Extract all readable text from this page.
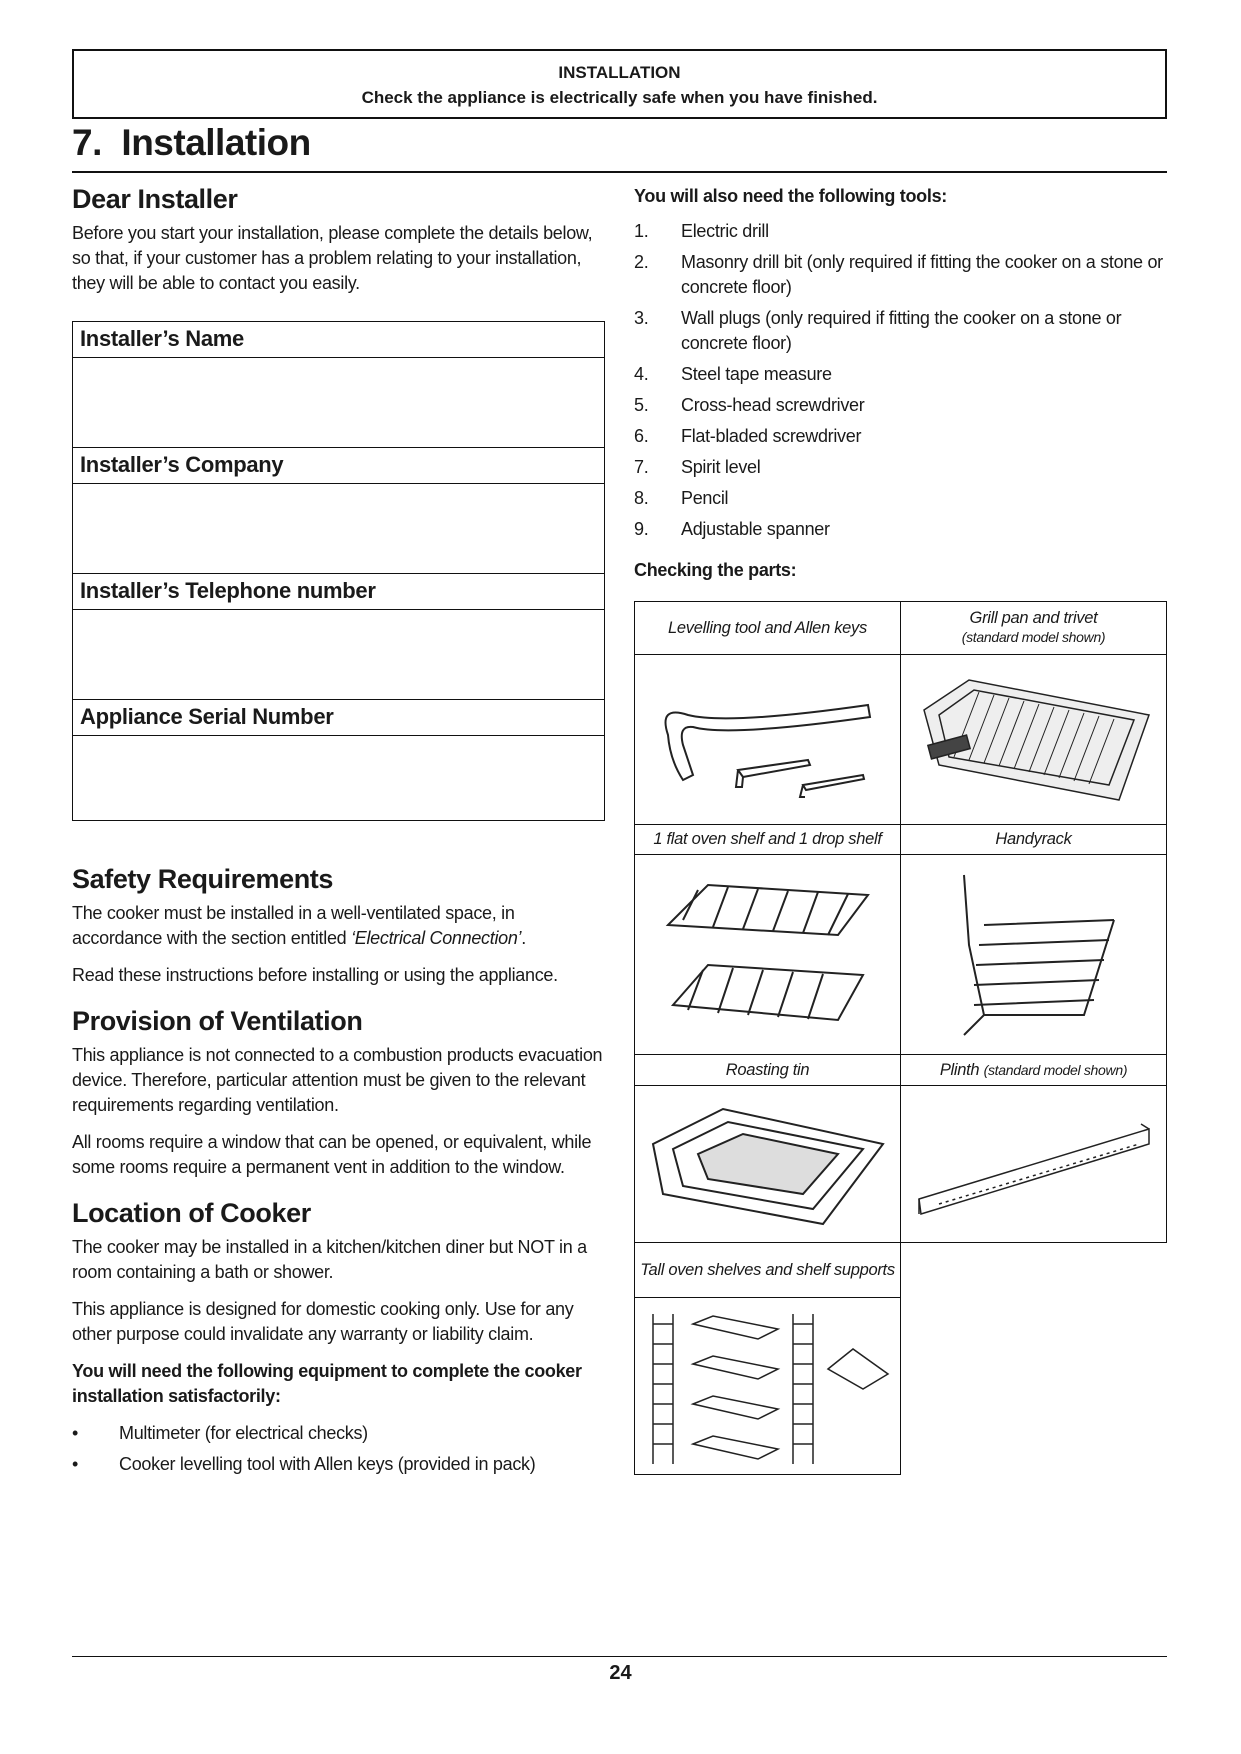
INSTALLATION
Check the appliance is electrically safe when you have finished.
7.  Installation
Dear Installer

Before you start your installation, please complete the details below, so that, if your customer has a problem relating to your installation, they will be able to contact you easily.

Installer’s Name
Installer’s Company
Installer’s Telephone number
Appliance Serial Number
Safety Requirements

The cooker must be installed in a well-ventilated space, in accordance with the section entitled ‘Electrical Connection’.

Read these instructions before installing or using the appliance.

Provision of Ventilation

This appliance is not connected to a combustion products evacuation device. Therefore, particular attention must be given to the relevant requirements regarding ventilation.

All rooms require a window that can be opened, or equivalent, while some rooms require a permanent vent in addition to the window.

Location of Cooker

The cooker may be installed in a kitchen/kitchen diner but NOT in a room containing a bath or shower.

This appliance is designed for domestic cooking only. Use for any other purpose could invalidate any warranty or liability claim.

You will need the following equipment to complete the cooker installation satisfactorily:

•	Multimeter (for electrical checks)
•	Cooker levelling tool with Allen keys (provided in pack)
You will also need the following tools:
1.	Electric drill
2.	Masonry drill bit (only required if fitting the cooker on a stone or concrete floor)
3.	Wall plugs (only required if fitting the cooker on a stone or concrete floor)
4.	Steel tape measure
5.	Cross-head screwdriver
6.	Flat-bladed screwdriver
7.	Spirit level
8.	Pencil
9.	Adjustable spanner
Checking the parts:
Levelling tool and Allen keys	Grill pan and trivet
(standard model shown)

1 flat oven shelf and 1 drop shelf	Handyrack

Roasting tin	Plinth (standard model shown)

Tall oven shelves and shelf supports	

24
